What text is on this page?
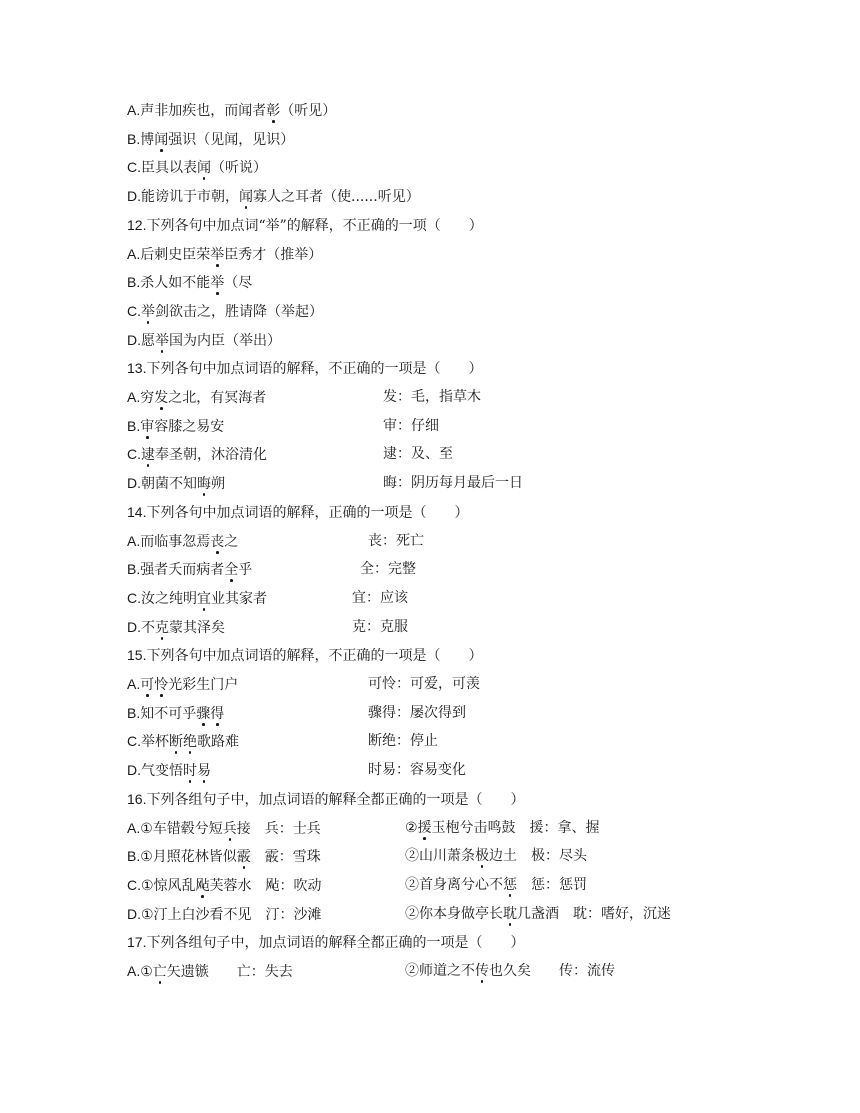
A.声非加疾也，而闻者彰（听见）
B.博闻强识（见闻，见识）
C.臣具以表闻（听说）
D.能谤讥于市朝，闻寡人之耳者（使......听见）
12.下列各句中加点词“举”的解释，不正确的一项（　　）
A.后刺史臣荣举臣秀才（推举）
B.杀人如不能举（尽
C.举剑欲击之，胜请降（举起）
D.愿举国为内臣（举出）
13.下列各句中加点词语的解释，不正确的一项是（　　）
A.穷发之北，有冥海者	发：毛，指草木
B.审容膝之易安	审：仔细
C.逮奉圣朝，沐浴清化	逮：及、至
D.朝菌不知晦朔	晦：阴历每月最后一日
14.下列各句中加点词语的解释，正确的一项是（　　）
A.而临事忽焉丧之	丧：死亡
B.强者夭而病者全乎	全：完整
C.汝之纯明宜业其家者	宜：应该
D.不克蒙其泽矣	克：克服
15.下列各句中加点词语的解释，不正确的一项是（　　）
A.可怜光彩生门户	可怜：可爱，可羡
B.知不可乎骤得	骤得：屡次得到
C.举杯断绝歌路难	断绝：停止
D.气变悟时易	时易：容易变化
16.下列各组句子中，加点词语的解释全都正确的一项是（　　）
A.①车错毂兮短兵接　兵：士兵	②援玉枹兮击鸣鼓　援：拿、握
B.①月照花林皆似霰　霰：雪珠	②山川萧条极边土　极：尽头
C.①惊风乱飐芙蓉水　飐：吹动	②首身离兮心不惩　惩：惩罚
D.①汀上白沙看不见　汀：沙滩	②你本身做亭长耽几盏酒　耽：嗜好，沉迷
17.下列各组句子中，加点词语的解释全都正确的一项是（　　）
A.①亡矢遗镞　　亡：失去	②师道之不传也久矣　　传：流传
